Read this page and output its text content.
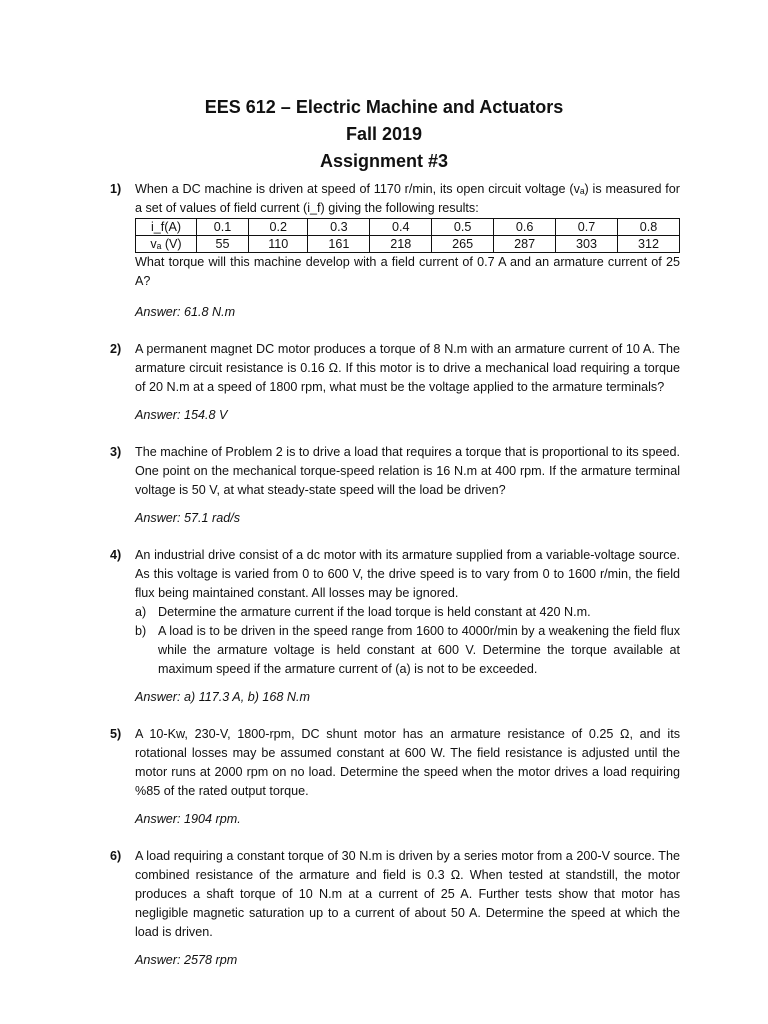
EES 612 – Electric Machine and Actuators
Fall 2019
Assignment #3
1) When a DC machine is driven at speed of 1170 r/min, its open circuit voltage (vₐ) is measured for a set of values of field current (i_f) giving the following results:
i_f(A)	0.1	0.2	0.3	0.4	0.5	0.6	0.7	0.8
vₐ (V)	55	110	161	218	265	287	303	312
What torque will this machine develop with a field current of 0.7 A and an armature current of 25 A?
Answer: 61.8 N.m
2) A permanent magnet DC motor produces a torque of 8 N.m with an armature current of 10 A. The armature circuit resistance is 0.16 Ω. If this motor is to drive a mechanical load requiring a torque of 20 N.m at a speed of 1800 rpm, what must be the voltage applied to the armature terminals?
Answer: 154.8 V
3) The machine of Problem 2 is to drive a load that requires a torque that is proportional to its speed. One point on the mechanical torque-speed relation is 16 N.m at 400 rpm. If the armature terminal voltage is 50 V, at what steady-state speed will the load be driven?
Answer: 57.1 rad/s
4) An industrial drive consist of a dc motor with its armature supplied from a variable-voltage source. As this voltage is varied from 0 to 600 V, the drive speed is to vary from 0 to 1600 r/min, the field flux being maintained constant. All losses may be ignored.
a) Determine the armature current if the load torque is held constant at 420 N.m.
b) A load is to be driven in the speed range from 1600 to 4000r/min by a weakening the field flux while the armature voltage is held constant at 600 V. Determine the torque available at maximum speed if the armature current of (a) is not to be exceeded.
Answer: a) 117.3 A, b) 168 N.m
5) A 10-Kw, 230-V, 1800-rpm, DC shunt motor has an armature resistance of 0.25 Ω, and its rotational losses may be assumed constant at 600 W. The field resistance is adjusted until the motor runs at 2000 rpm on no load. Determine the speed when the motor drives a load requiring %85 of the rated output torque.
Answer: 1904 rpm.
6) A load requiring a constant torque of 30 N.m is driven by a series motor from a 200-V source. The combined resistance of the armature and field is 0.3 Ω. When tested at standstill, the motor produces a shaft torque of 10 N.m at a current of 25 A. Further tests show that motor has negligible magnetic saturation up to a current of about 50 A. Determine the speed at which the load is driven.
Answer: 2578 rpm
